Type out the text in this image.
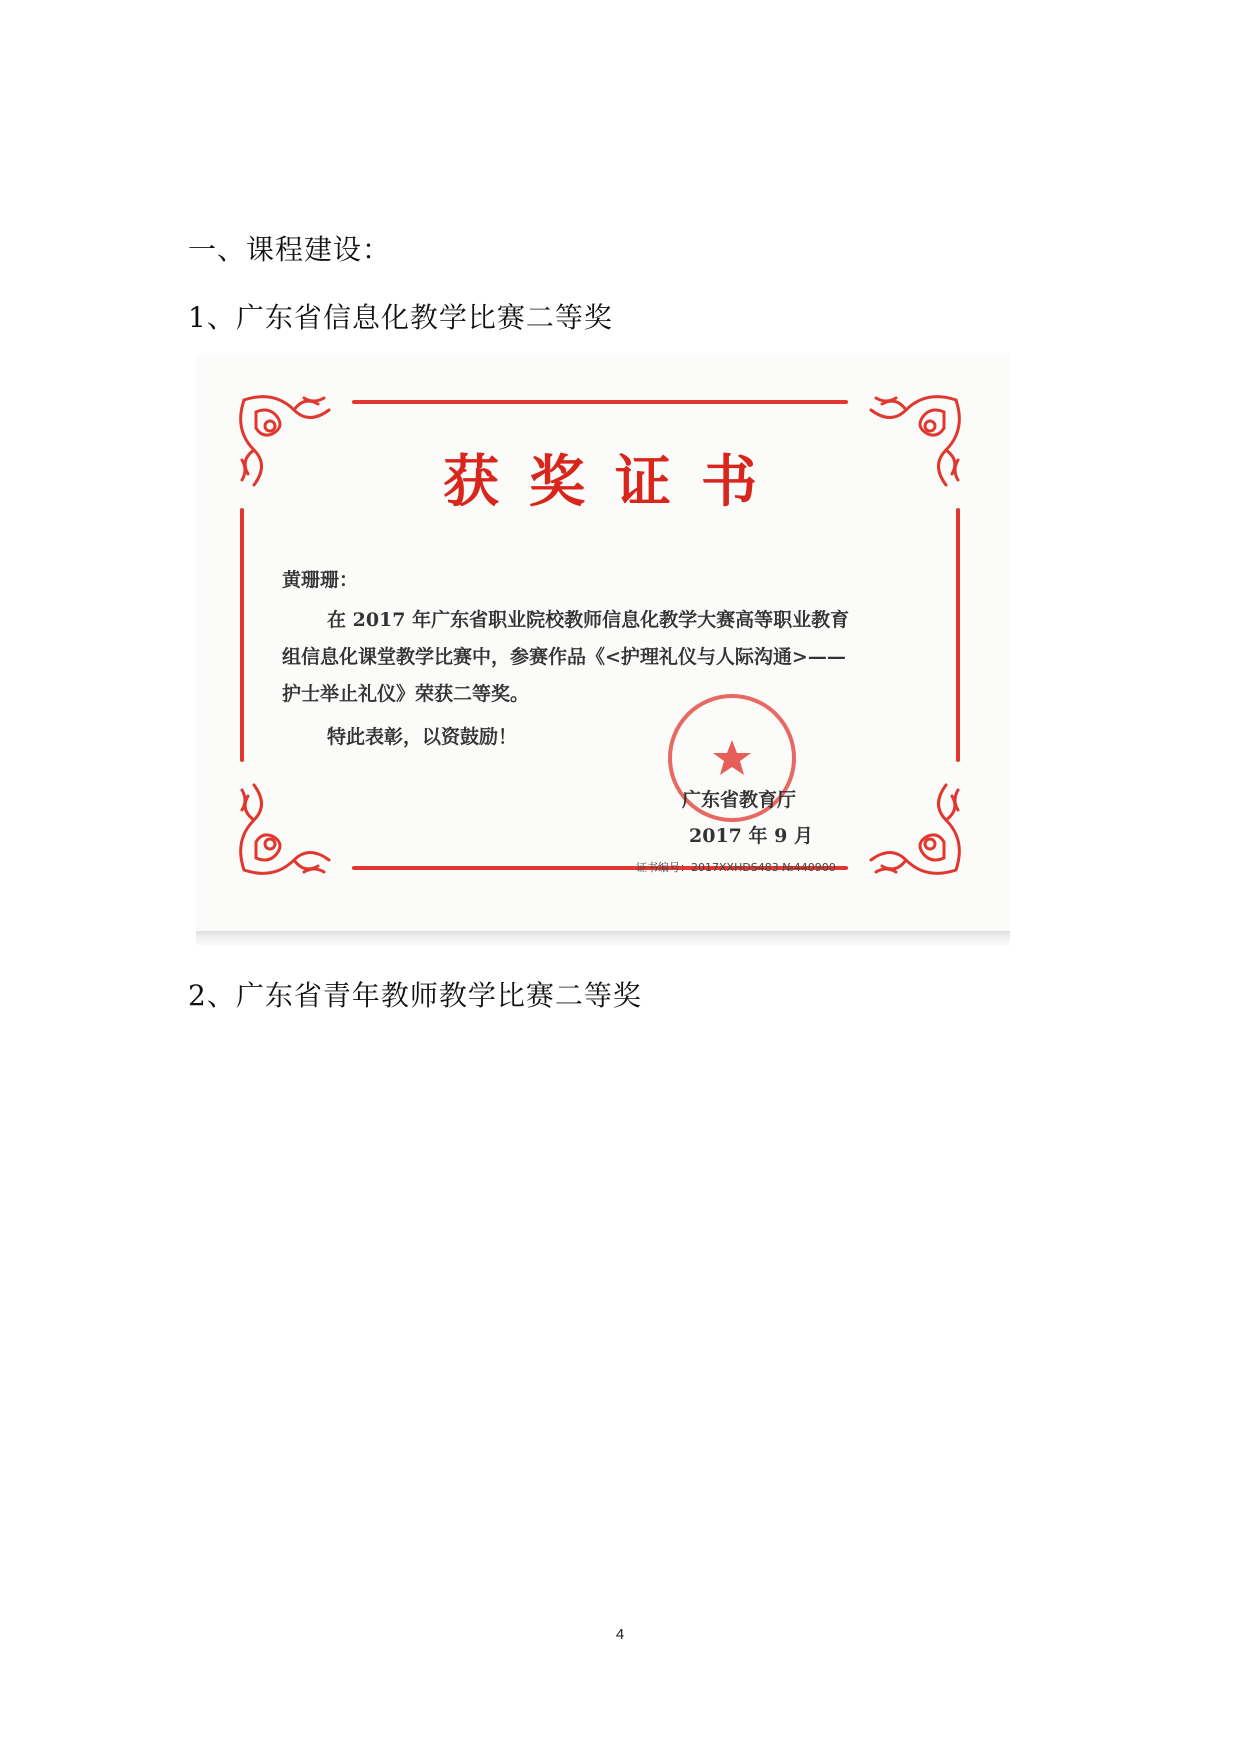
一、课程建设：
1、广东省信息化教学比赛二等奖
获奖证书
黄珊珊：
在 2017 年广东省职业院校教师信息化教学大赛高等职业教育
组信息化课堂教学比赛中，参赛作品《<护理礼仪与人际沟通>——
护士举止礼仪》荣获二等奖。
特此表彰，以资鼓励！
广东省教育厅
2017 年 9 月
证书编号：2017XXHDS483 №440900
2、广东省青年教师教学比赛二等奖
4
